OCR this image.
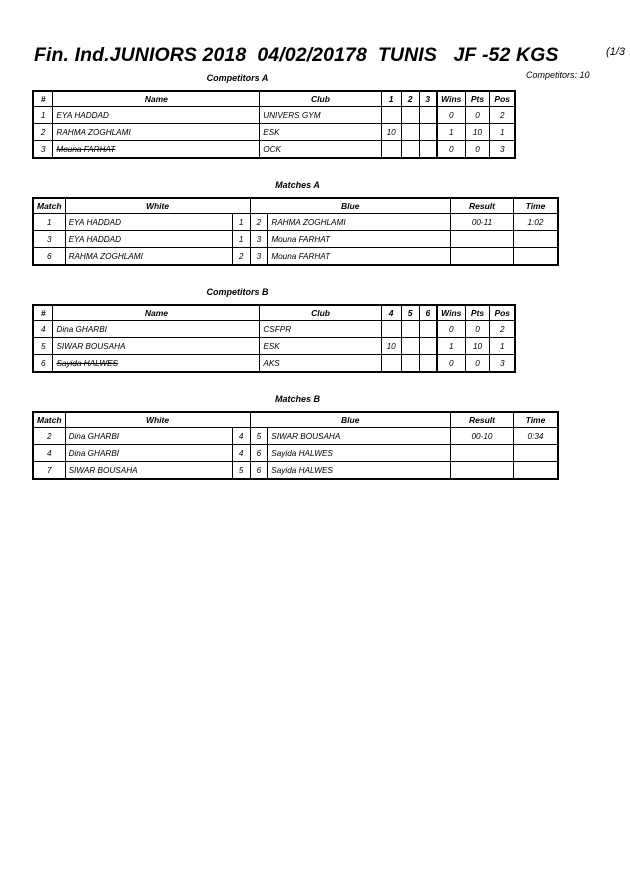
Fin. Ind.JUNIORS 2018  04/02/20178  TUNIS   JF -52 KGS	(1/3
Competitors: 10
Competitors A
#	Name	Club	1	2	3	Wins	Pts	Pos
1	EYA HADDAD	UNIVERS GYM				0	0	2
2	RAHMA ZOGHLAMI	ESK	10			1	10	1
3	Mouna FARHAT	OCK				0	0	3
Matches A
Match	White		Blue		Result	Time
1	EYA HADDAD	1	2	RAHMA ZOGHLAMI	00-11	1:02
3	EYA HADDAD	1	3	Mouna FARHAT		
6	RAHMA ZOGHLAMI	2	3	Mouna FARHAT		
Competitors B
#	Name	Club	4	5	6	Wins	Pts	Pos
4	Dina GHARBI	CSFPR				0	0	2
5	SIWAR BOUSAHA	ESK	10			1	10	1
6	Sayida HALWES	AKS				0	0	3
Matches B
Match	White		Blue		Result	Time
2	Dina GHARBI	4	5	SIWAR BOUSAHA	00-10	0:34
4	Dina GHARBI	4	6	Sayida HALWES		
7	SIWAR BOUSAHA	5	6	Sayida HALWES		
